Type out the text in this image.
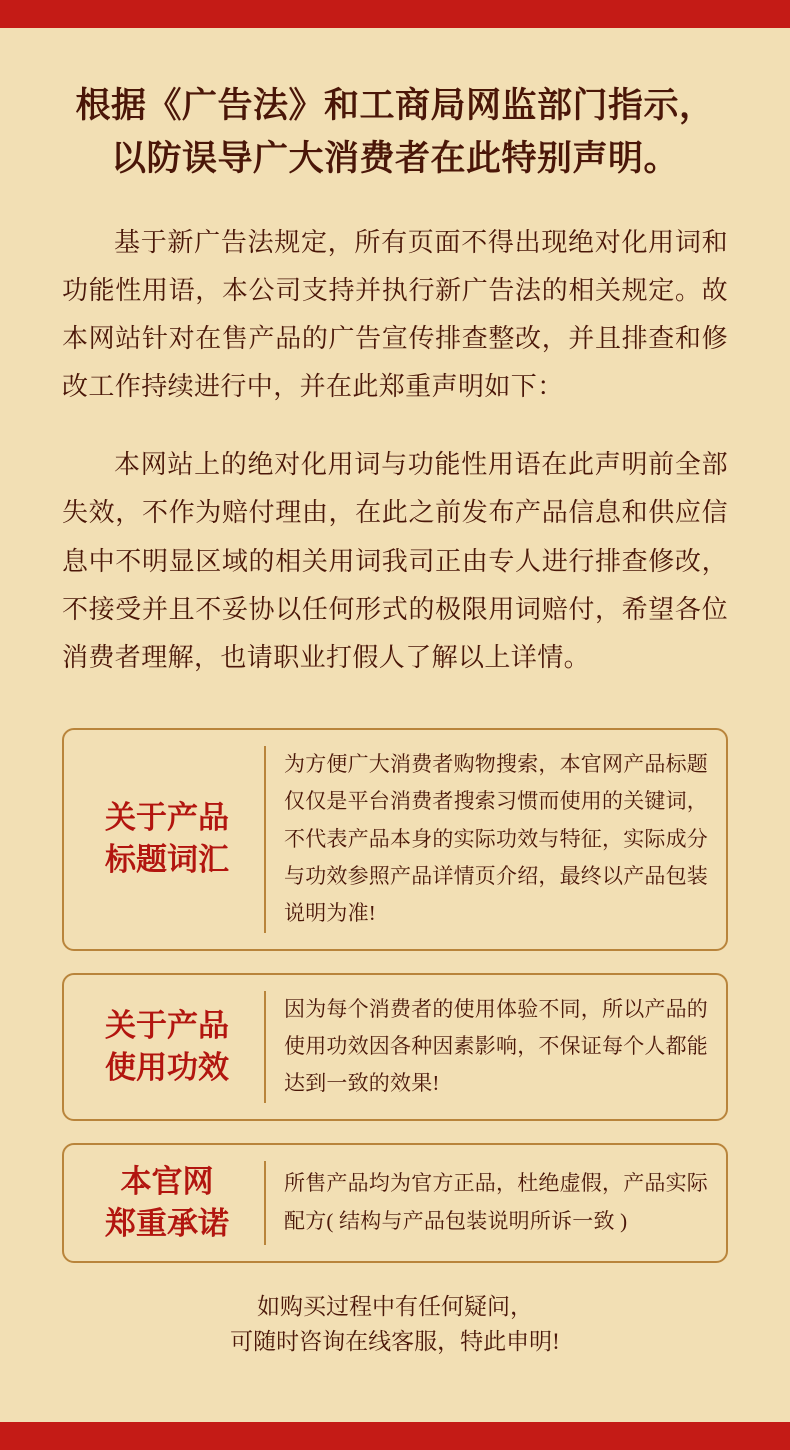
根据《广告法》和工商局网监部门指示，
以防误导广大消费者在此特别声明。

基于新广告法规定，所有页面不得出现绝对化用词和功能性用语，本公司支持并执行新广告法的相关规定。故本网站针对在售产品的广告宣传排查整改，并且排查和修改工作持续进行中，并在此郑重声明如下：

本网站上的绝对化用词与功能性用语在此声明前全部失效，不作为赔付理由，在此之前发布产品信息和供应信息中不明显区域的相关用词我司正由专人进行排查修改，不接受并且不妥协以任何形式的极限用词赔付，希望各位消费者理解，也请职业打假人了解以上详情。

关于产品
标题词汇

为方便广大消费者购物搜索，本官网产品标题仅仅是平台消费者搜索习惯而使用的关键词，不代表产品本身的实际功效与特征，实际成分与功效参照产品详情页介绍，最终以产品包装说明为准!

关于产品
使用功效

因为每个消费者的使用体验不同，所以产品的使用功效因各种因素影响，不保证每个人都能达到一致的效果!

本官网
郑重承诺

所售产品均为官方正品，杜绝虚假，产品实际配方( 结构与产品包装说明所诉一致 )

如购买过程中有任何疑问，
可随时咨询在线客服，特此申明!
